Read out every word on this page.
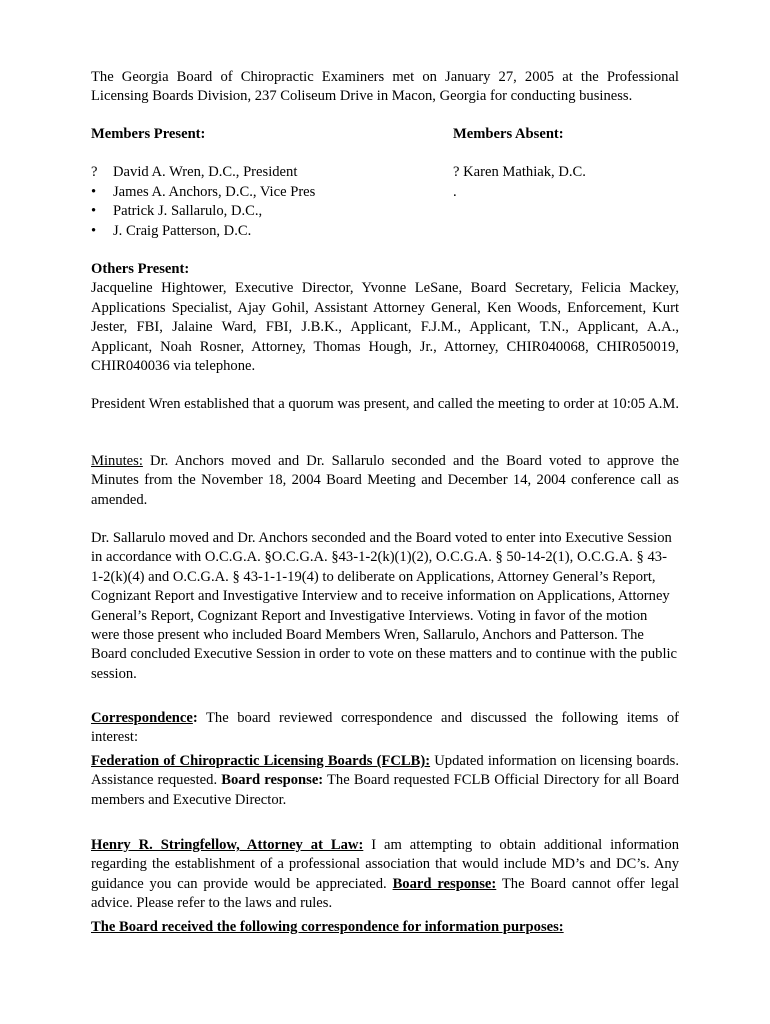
The Georgia Board of Chiropractic Examiners met on January 27, 2005 at the Professional Licensing Boards Division, 237 Coliseum Drive in Macon, Georgia for conducting business.

Members Present:

? David A. Wren, D.C., President
• James A. Anchors, D.C., Vice Pres
• Patrick J. Sallarulo, D.C.,
• J. Craig Patterson, D.C.

Members Absent:

? Karen Mathiak, D.C.

.

Others Present:

Jacqueline Hightower, Executive Director, Yvonne LeSane, Board Secretary, Felicia Mackey, Applications Specialist, Ajay Gohil, Assistant Attorney General, Ken Woods, Enforcement, Kurt Jester, FBI, Jalaine Ward, FBI, J.B.K., Applicant, F.J.M., Applicant, T.N., Applicant, A.A., Applicant, Noah Rosner, Attorney, Thomas Hough, Jr., Attorney, CHIR040068, CHIR050019, CHIR040036 via telephone.

President Wren established that a quorum was present, and called the meeting to order at 10:05 A.M.

Minutes: Dr. Anchors moved and Dr. Sallarulo seconded and the Board voted to approve the Minutes from the November 18, 2004 Board Meeting and December 14, 2004 conference call as amended.

Dr. Sallarulo moved and Dr. Anchors seconded and the Board voted to enter into Executive Session in accordance with O.C.G.A. §O.C.G.A. §43-1-2(k)(1)(2), O.C.G.A. § 50-14-2(1), O.C.G.A. § 43-1-2(k)(4) and O.C.G.A. § 43-1-1-19(4) to deliberate on Applications, Attorney General’s Report, Cognizant Report and Investigative Interview and to receive information on Applications, Attorney General’s Report, Cognizant Report and Investigative Interviews. Voting in favor of the motion were those present who included Board Members Wren, Sallarulo, Anchors and Patterson. The Board concluded Executive Session in order to vote on these matters and to continue with the public session.

Correspondence: The board reviewed correspondence and discussed the following items of interest:

Federation of Chiropractic Licensing Boards (FCLB): Updated information on licensing boards. Assistance requested. Board response: The Board requested FCLB Official Directory for all Board members and Executive Director.

Henry R. Stringfellow, Attorney at Law: I am attempting to obtain additional information regarding the establishment of a professional association that would include MD’s and DC’s. Any guidance you can provide would be appreciated. Board response: The Board cannot offer legal advice. Please refer to the laws and rules.

The Board received the following correspondence for information purposes:
